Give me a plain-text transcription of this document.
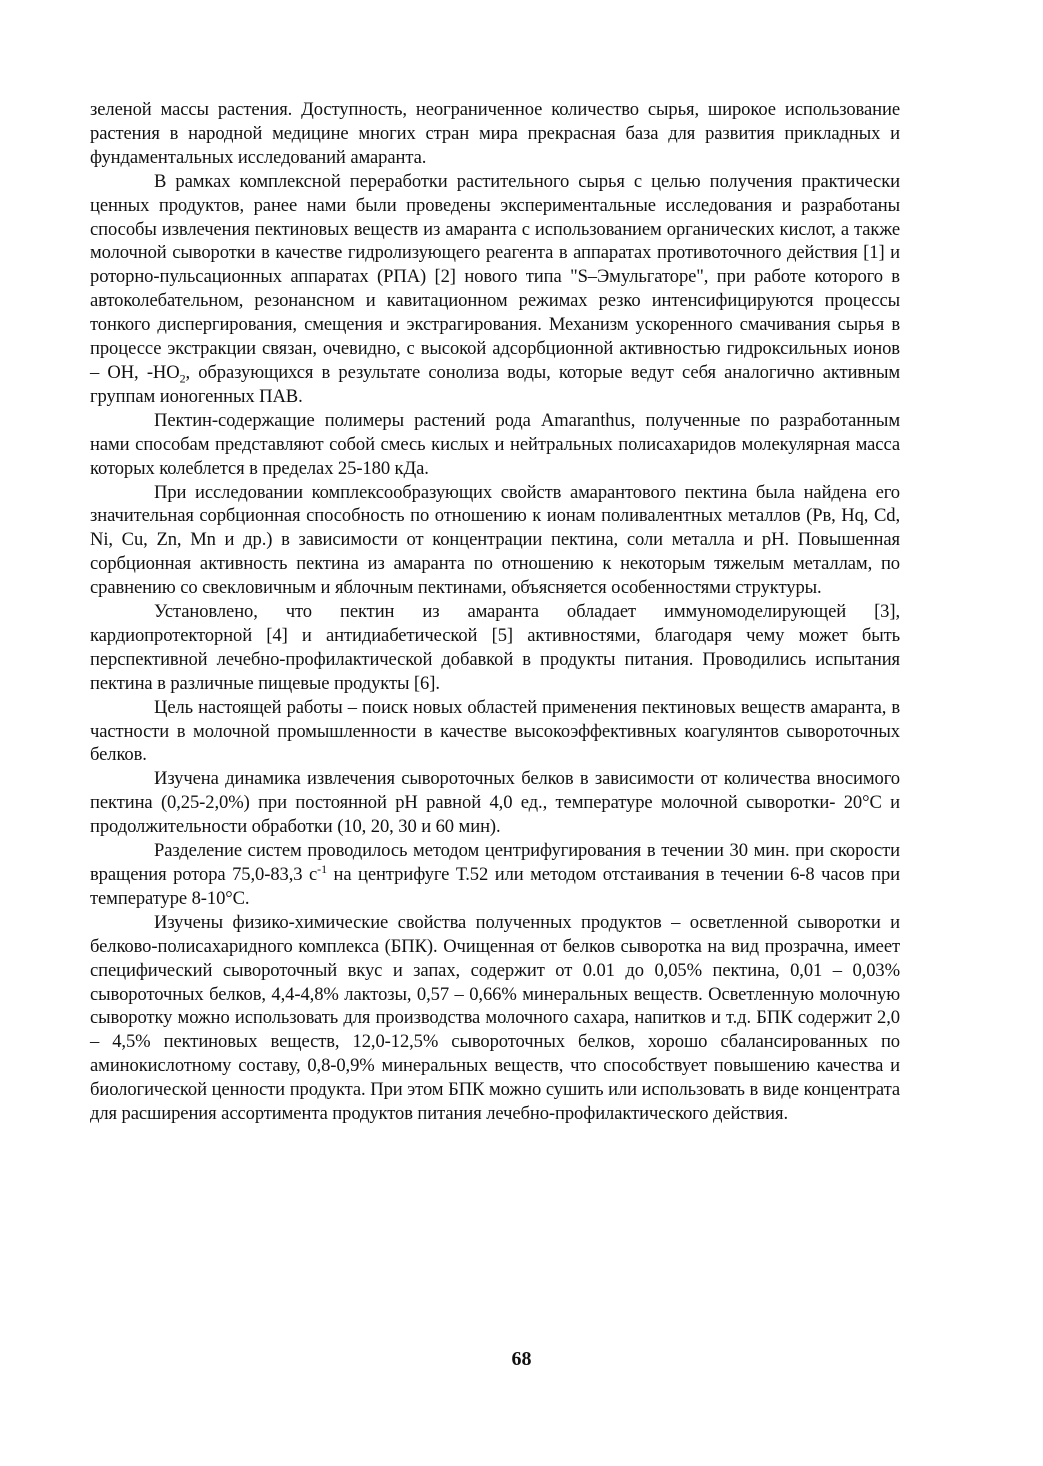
зеленой массы растения. Доступность, неограниченное количество сырья, широкое использование растения в народной медицине многих стран мира прекрасная база для развития прикладных и фундаментальных исследований амаранта.

В рамках комплексной переработки растительного сырья с целью получения практически ценных продуктов, ранее нами были проведены экспериментальные исследования и разработаны способы извлечения пектиновых веществ из амаранта с использованием органических кислот, а также молочной сыворотки в качестве гидролизующего реагента в аппаратах противоточного действия [1] и роторно-пульсационных аппаратах (РПА) [2] нового типа "S–Эмульгаторе", при работе которого в автоколебательном, резонансном и кавитационном режимах резко интенсифицируются процессы тонкого диспергирования, смещения и экстрагирования. Механизм ускоренного смачивания сырья в процессе экстракции связан, очевидно, с высокой адсорбционной активностью гидроксильных ионов – ОН, $-НО_2$, образующихся в результате сонолиза воды, которые ведут себя аналогично активным группам ионогенных ПАВ.

Пектин-содержащие полимеры растений рода Amaranthus, полученные по разработанным нами способам представляют собой смесь кислых и нейтральных полисахаридов молекулярная масса которых колеблется в пределах 25-180 кДа.

При исследовании комплексообразующих свойств амарантового пектина была найдена его значительная сорбционная способность по отношению к ионам поливалентных металлов (Рв, Нq, Cd, Ni, Cu, Zn, Mn и др.) в зависимости от концентрации пектина, соли металла и рН. Повышенная сорбционная активность пектина из амаранта по отношению к некоторым тяжелым металлам, по сравнению со свекловичным и яблочным пектинами, объясняется особенностями структуры.

Установлено, что пектин из амаранта обладает иммуномоделирующей [3], кардиопротекторной [4] и антидиабетической [5] активностями, благодаря чему может быть перспективной лечебно-профилактической добавкой в продукты питания. Проводились испытания пектина в различные пищевые продукты [6].

Цель настоящей работы – поиск новых областей применения пектиновых веществ амаранта, в частности в молочной промышленности в качестве высокоэффективных коагулянтов сывороточных белков.

Изучена динамика извлечения сывороточных белков в зависимости от количества вносимого пектина (0,25-2,0%) при постоянной рН равной 4,0 ед., температуре молочной сыворотки- 20°С и продолжительности обработки (10, 20, 30 и 60 мин).

Разделение систем проводилось методом центрифугирования в течении 30 мин. при скорости вращения ротора 75,0-83,3 $с^{-1}$ на центрифуге Т.52 или методом отстаивания в течении 6-8 часов при температуре 8-10°С.

Изучены физико-химические свойства полученных продуктов – осветленной сыворотки и белково-полисахаридного комплекса (БПК). Очищенная от белков сыворотка на вид прозрачна, имеет специфический сывороточный вкус и запах, содержит от 0.01 до 0,05% пектина, 0,01 – 0,03% сывороточных белков, 4,4-4,8% лактозы, 0,57 – 0,66% минеральных веществ. Осветленную молочную сыворотку можно использовать для производства молочного сахара, напитков и т.д. БПК содержит 2,0 – 4,5% пектиновых веществ, 12,0-12,5% сывороточных белков, хорошо сбалансированных по аминокислотному составу, 0,8-0,9% минеральных веществ, что способствует повышению качества и биологической ценности продукта. При этом БПК можно сушить или использовать в виде концентрата для расширения ассортимента продуктов питания лечебно-профилактического действия.

68
